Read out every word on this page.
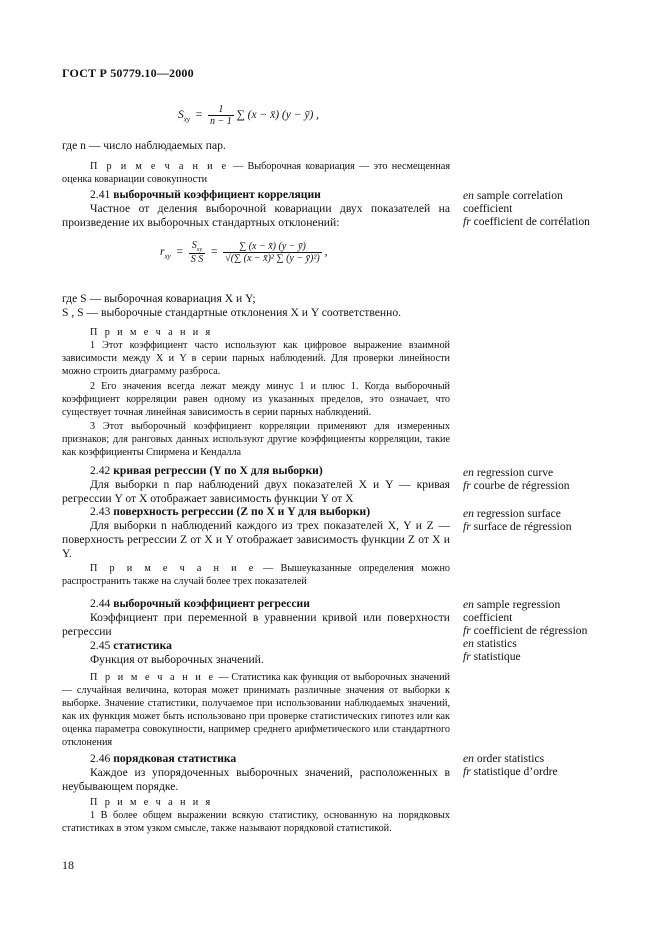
ГОСТ Р 50779.10—2000
$S_{xy} = \frac{1}{n - 1}$ ∑ (x − x̄) (y − ȳ) ,
где n — число наблюдаемых пар.
П р и м е ч а н и е — Выборочная ковариация — это несмещенная оценка ковариации совокупности
2.41 выборочный коэффициент корреляции
Частное от деления выборочной ковариации двух показателей на произведение их выборочных стандартных отклонений:
en sample correlation
coefficient
fr coefficient de corrélation
$r_{xy} = \frac{S_{xy}}{\text{S S}} = \frac{\sum (x - x̄) (y - ȳ)}{\text{√(∑ (x − x̄)² ∑ (y − ȳ)²)}}$ ,
где S — выборочная ковариация X и Y;
S , S — выборочные стандартные отклонения X и Y соответственно.
П р и м е ч а н и я
1 Этот коэффициент часто используют как цифровое выражение взаимной зависимости между X и Y в серии парных наблюдений. Для проверки линейности можно строить диаграмму разброса.
2 Его значения всегда лежат между минус 1 и плюс 1. Когда выборочный коэффициент корреляции равен одному из указанных пределов, это означает, что существует точная линейная зависимость в серии парных наблюдений.
3 Этот выборочный коэффициент корреляции применяют для измеренных признаков; для ранговых данных используют другие коэффициенты корреляции, такие как коэффициенты Спирмена и Кендалла
2.42 кривая регрессии (Y по X для выборки)
Для выборки n пар наблюдений двух показателей X и Y — кривая регрессии Y от X отображает зависимость функции Y от X
en regression curve
fr courbe de régression
2.43 поверхность регрессии (Z по X и Y для выборки)
Для выборки n наблюдений каждого из трех показателей X, Y и Z — поверхность регрессии Z от X и Y отображает зависимость функции Z от X и Y.
en regression surface
fr surface de régression
П р и м е ч а н и е — Вышеуказанные определения можно распространить также на случай более трех показателей
2.44 выборочный коэффициент регрессии
Коэффициент при переменной в уравнении кривой или поверхности регрессии
en sample regression
coefficient
fr coefficient de régression
2.45 статистика
Функция от выборочных значений.
en statistics
fr statistique
П р и м е ч а н и е — Статистика как функция от выборочных значений — случайная величина, которая может принимать различные значения от выборки к выборке. Значение статистики, получаемое при использовании наблюдаемых значений, как их функция может быть использовано при проверке статистических гипотез или как оценка параметра совокупности, например среднего арифметического или стандартного отклонения
2.46 порядковая статистика
Каждое из упорядоченных выборочных значений, расположенных в неубывающем порядке.
en order statistics
fr statistique d’ordre
П р и м е ч а н и я
1 В более общем выражении всякую статистику, основанную на порядковых статистиках в этом узком смысле, также называют порядковой статистикой.
18
